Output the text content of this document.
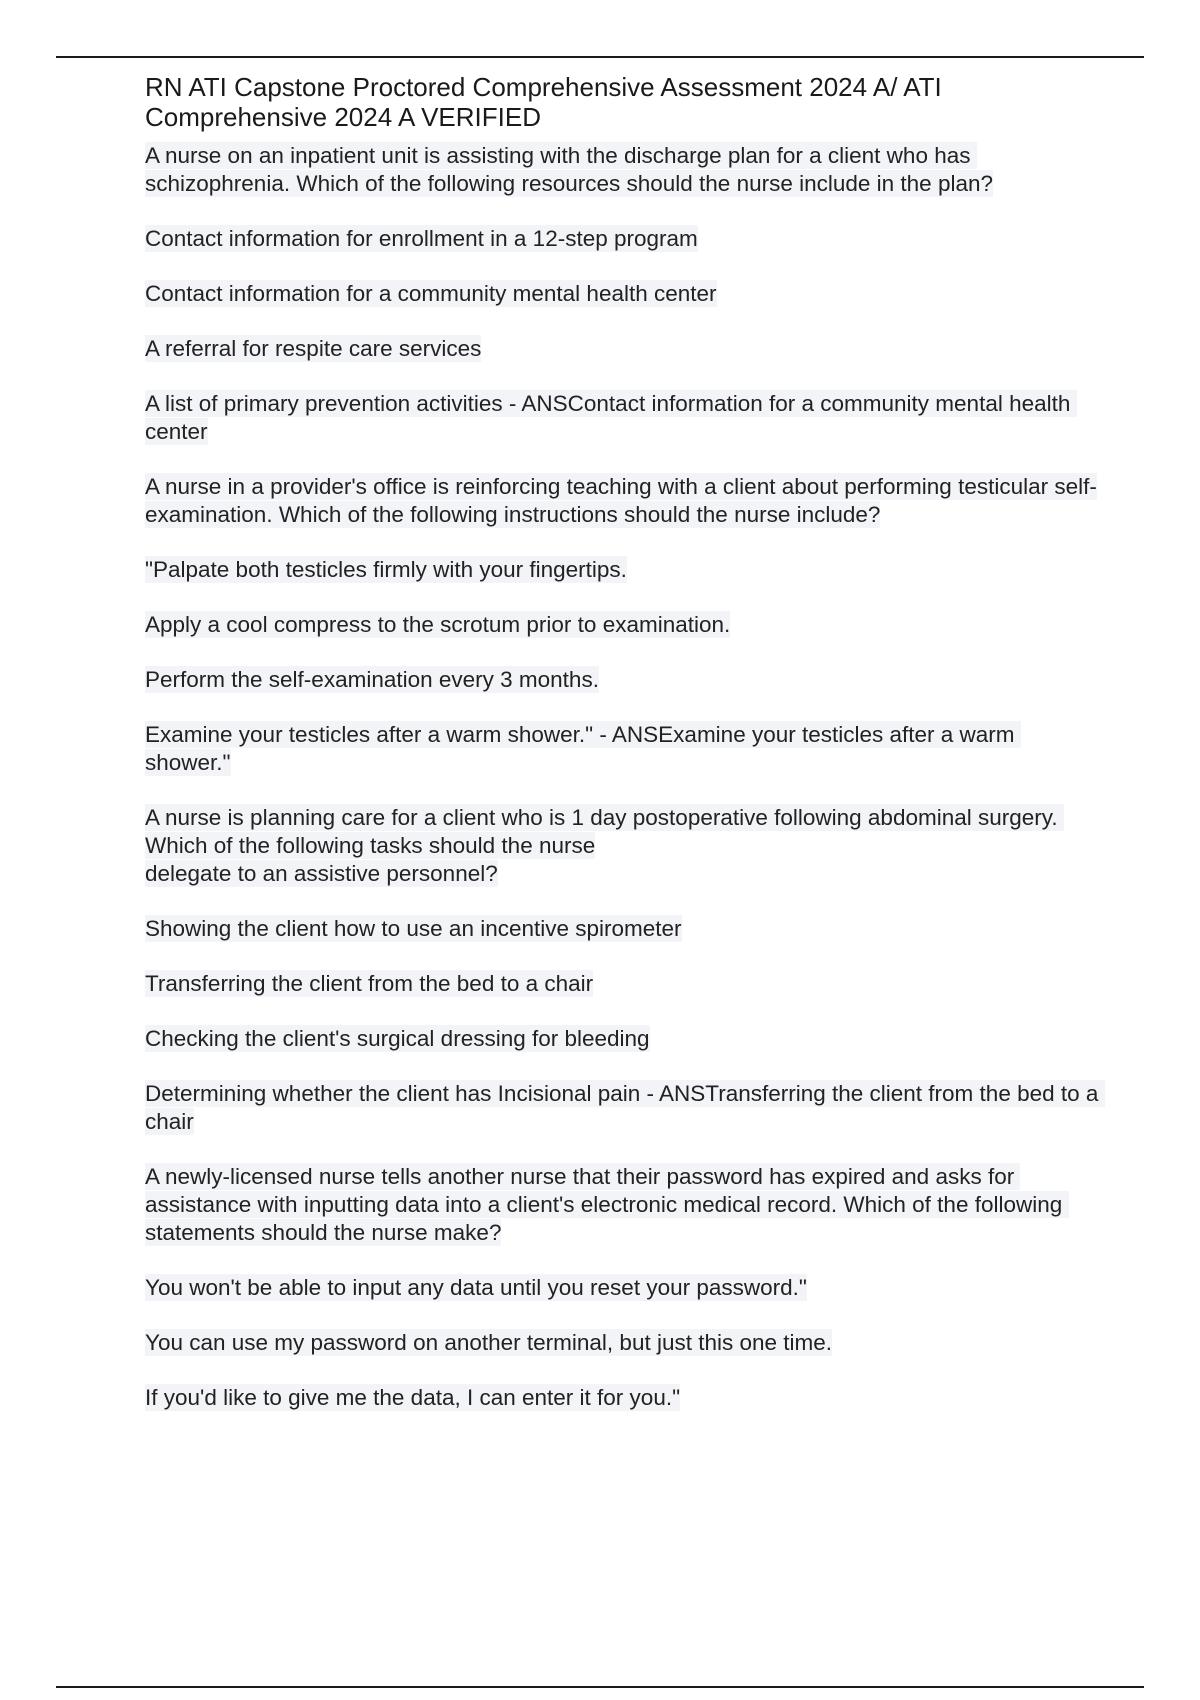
RN ATI Capstone Proctored Comprehensive Assessment 2024 A/ ATI Comprehensive 2024 A VERIFIED

A nurse on an inpatient unit is assisting with the discharge plan for a client who has schizophrenia. Which of the following resources should the nurse include in the plan?

Contact information for enrollment in a 12-step program

Contact information for a community mental health center

A referral for respite care services

A list of primary prevention activities - ANSContact information for a community mental health center

A nurse in a provider's office is reinforcing teaching with a client about performing testicular self-examination. Which of the following instructions should the nurse include?

"Palpate both testicles firmly with your fingertips.

Apply a cool compress to the scrotum prior to examination.

Perform the self-examination every 3 months.

Examine your testicles after a warm shower." - ANSExamine your testicles after a warm shower."

A nurse is planning care for a client who is 1 day postoperative following abdominal surgery. Which of the following tasks should the nurse
delegate to an assistive personnel?

Showing the client how to use an incentive spirometer

Transferring the client from the bed to a chair

Checking the client's surgical dressing for bleeding

Determining whether the client has Incisional pain - ANSTransferring the client from the bed to a chair

A newly-licensed nurse tells another nurse that their password has expired and asks for assistance with inputting data into a client's electronic medical record. Which of the following statements should the nurse make?

You won't be able to input any data until you reset your password."

You can use my password on another terminal, but just this one time.

If you'd like to give me the data, I can enter it for you."
